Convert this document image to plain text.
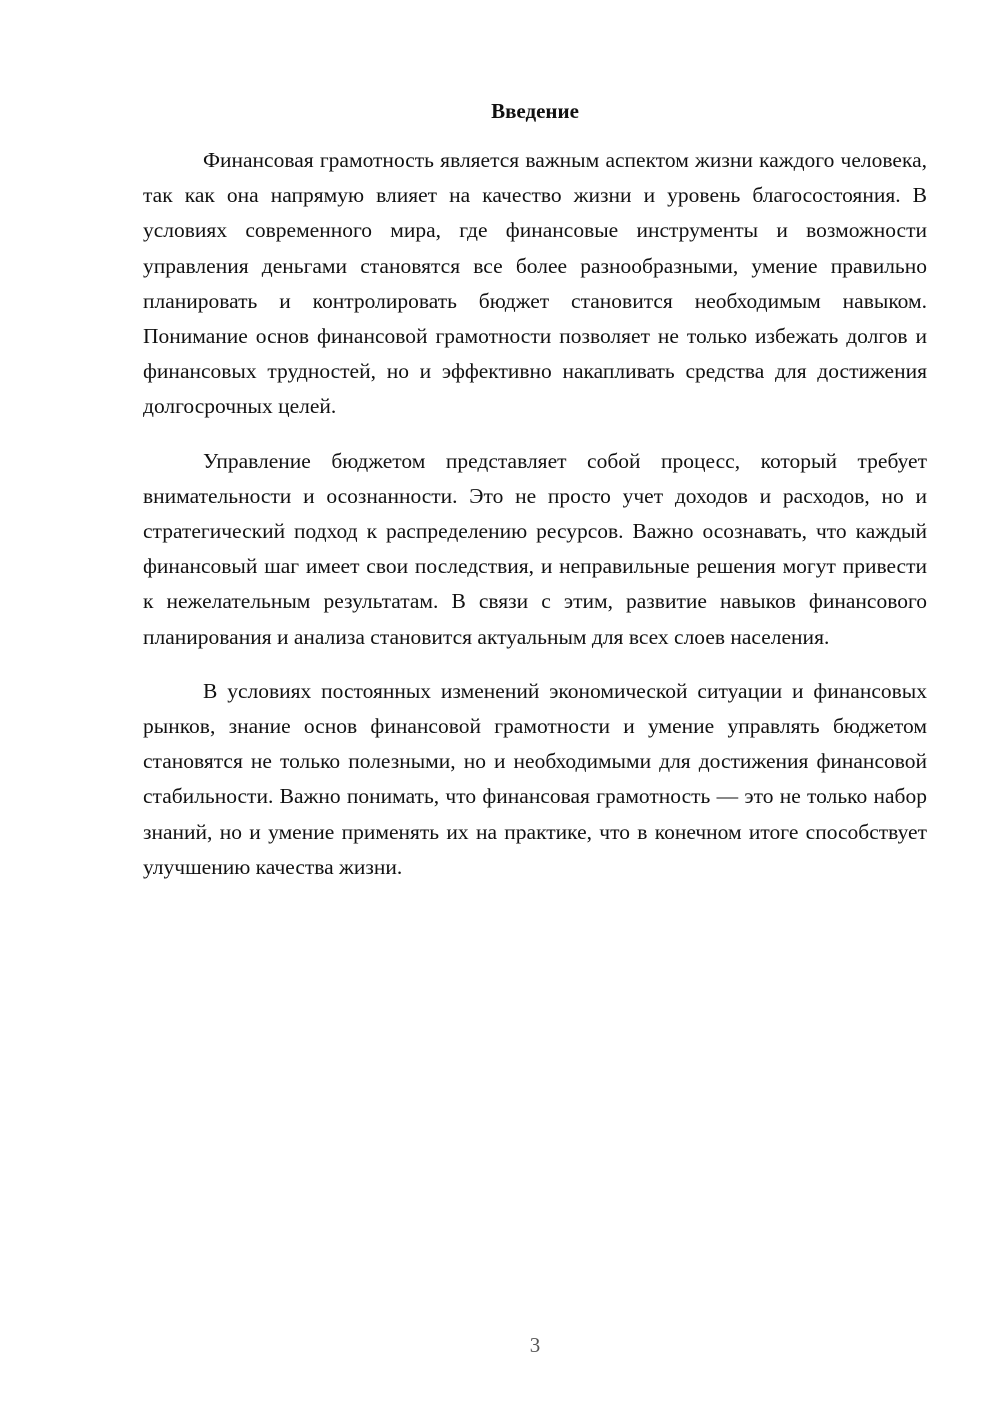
Введение

Финансовая грамотность является важным аспектом жизни каждого человека, так как она напрямую влияет на качество жизни и уровень благосостояния. В условиях современного мира, где финансовые инструменты и возможности управления деньгами становятся все более разнообразными, умение правильно планировать и контролировать бюджет становится необходимым навыком. Понимание основ финансовой грамотности позволяет не только избежать долгов и финансовых трудностей, но и эффективно накапливать средства для достижения долгосрочных целей.

Управление бюджетом представляет собой процесс, который требует внимательности и осознанности. Это не просто учет доходов и расходов, но и стратегический подход к распределению ресурсов. Важно осознавать, что каждый финансовый шаг имеет свои последствия, и неправильные решения могут привести к нежелательным результатам. В связи с этим, развитие навыков финансового планирования и анализа становится актуальным для всех слоев населения.

В условиях постоянных изменений экономической ситуации и финансовых рынков, знание основ финансовой грамотности и умение управлять бюджетом становятся не только полезными, но и необходимыми для достижения финансовой стабильности. Важно понимать, что финансовая грамотность — это не только набор знаний, но и умение применять их на практике, что в конечном итоге способствует улучшению качества жизни.

3
